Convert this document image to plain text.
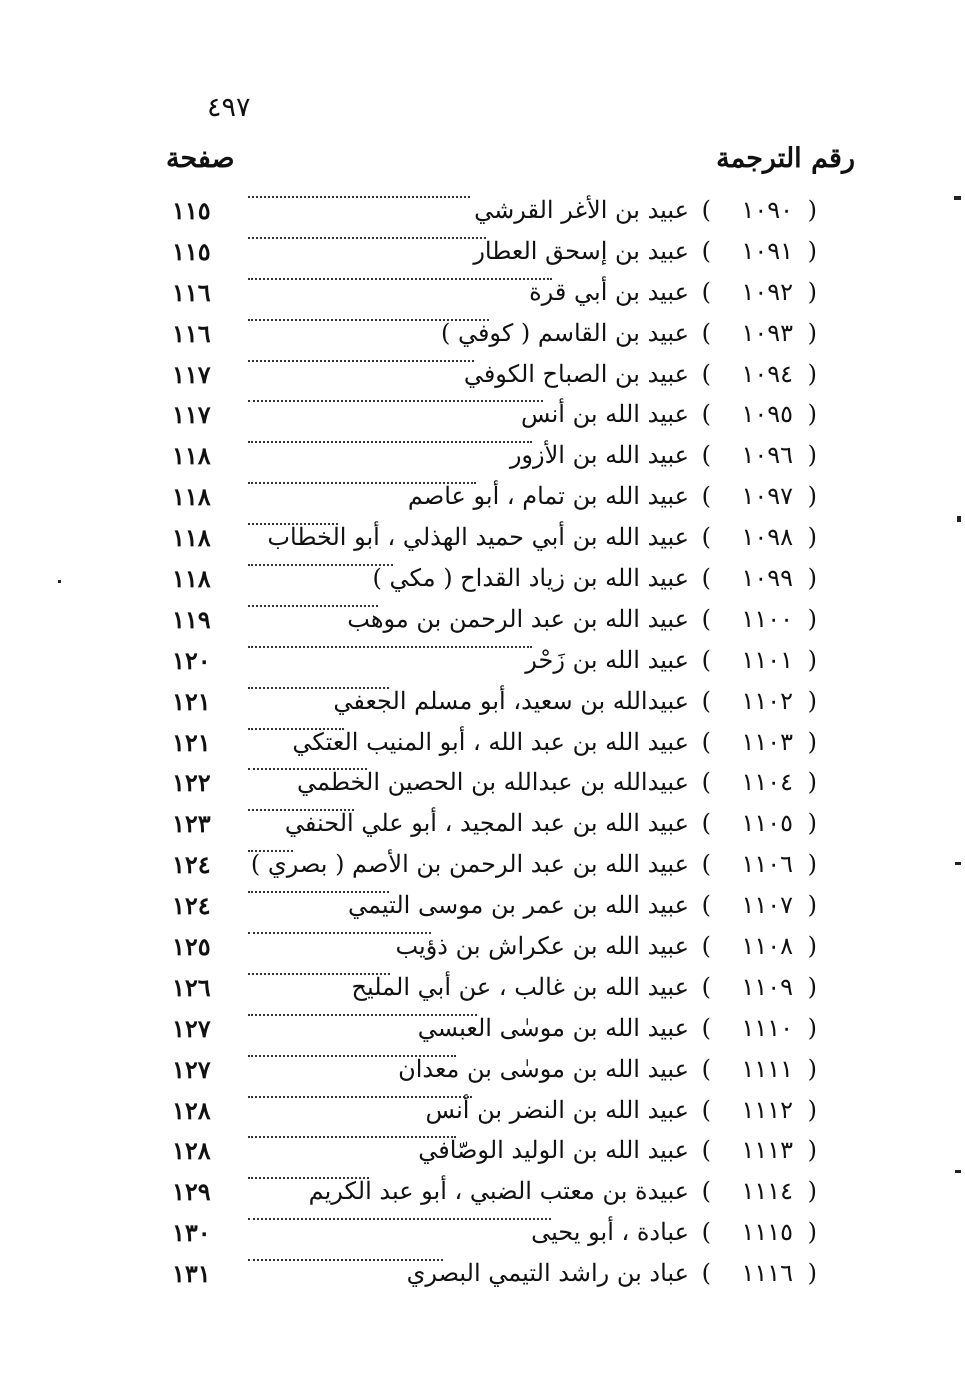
٤٩٧
رقم الترجمة
صفحة
(
١٠٩٠
)
عبيد بن الأغر القرشي
١١٥
(
١٠٩١
)
عبيد بن إسحق العطار
١١٥
(
١٠٩٢
)
عبيد بن أبي قرة
١١٦
(
١٠٩٣
)
عبيد بن القاسم ( كوفي )
١١٦
(
١٠٩٤
)
عبيد بن الصباح الكوفي
١١٧
(
١٠٩٥
)
عبيد الله بن أنس
١١٧
(
١٠٩٦
)
عبيد الله بن الأزور
١١٨
(
١٠٩٧
)
عبيد الله بن تمام ، أبو عاصم
١١٨
(
١٠٩٨
)
عبيد الله بن أبي حميد الهذلي ، أبو الخطاب
١١٨
(
١٠٩٩
)
عبيد الله بن زياد القداح ( مكي )
١١٨
(
١١٠٠
)
عبيد الله بن عبد الرحمن بن موهب
١١٩
(
١١٠١
)
عبيد الله بن زَحْر
١٢٠
(
١١٠٢
)
عبيدالله بن سعيد، أبو مسلم الجعفي
١٢١
(
١١٠٣
)
عبيد الله بن عبد الله ، أبو المنيب العتكي
١٢١
(
١١٠٤
)
عبيدالله بن عبدالله بن الحصين الخطمي
١٢٢
(
١١٠٥
)
عبيد الله بن عبد المجيد ، أبو علي الحنفي
١٢٣
(
١١٠٦
)
عبيد الله بن عبد الرحمن بن الأصم ( بصري )
١٢٤
(
١١٠٧
)
عبيد الله بن عمر بن موسى التيمي
١٢٤
(
١١٠٨
)
عبيد الله بن عكراش بن ذؤيب
١٢٥
(
١١٠٩
)
عبيد الله بن غالب ، عن أبي المليح
١٢٦
(
١١١٠
)
عبيد الله بن موسٰى العبسي
١٢٧
(
١١١١
)
عبيد الله بن موسٰى بن معدان
١٢٧
(
١١١٢
)
عبيد الله بن النضر بن أنس
١٢٨
(
١١١٣
)
عبيد الله بن الوليد الوصّافي
١٢٨
(
١١١٤
)
عبيدة بن معتب الضبي ، أبو عبد الكريم
١٢٩
(
١١١٥
)
عبادة ، أبو يحيى
١٣٠
(
١١١٦
)
عباد بن راشد التيمي البصري
١٣١
